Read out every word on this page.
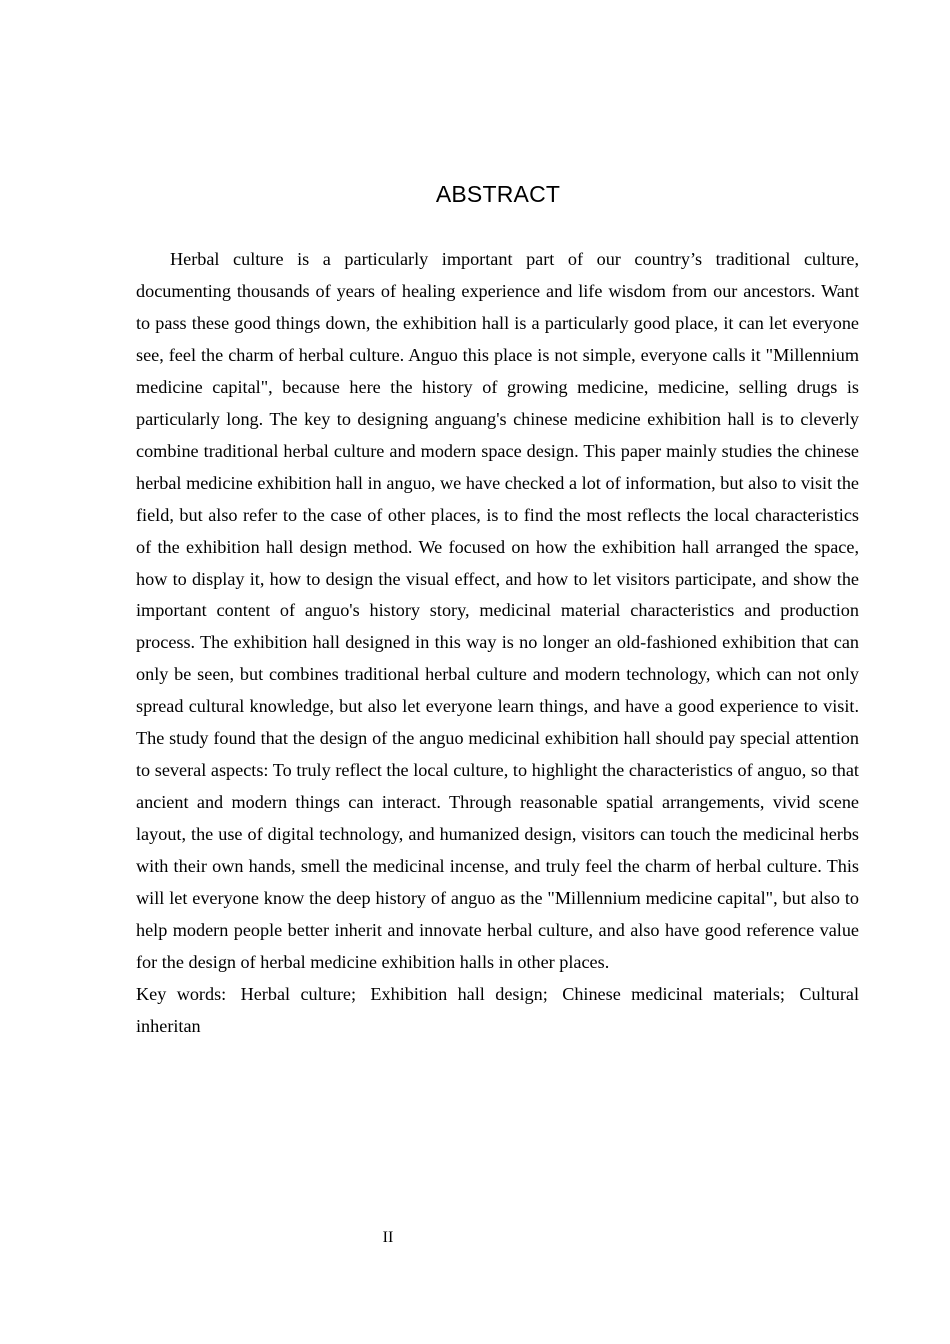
ABSTRACT

Herbal culture is a particularly important part of our country’s traditional culture, documenting thousands of years of healing experience and life wisdom from our ancestors. Want to pass these good things down, the exhibition hall is a particularly good place, it can let everyone see, feel the charm of herbal culture. Anguo this place is not simple, everyone calls it "Millennium medicine capital", because here the history of growing medicine, medicine, selling drugs is particularly long. The key to designing anguang's chinese medicine exhibition hall is to cleverly combine traditional herbal culture and modern space design. This paper mainly studies the chinese herbal medicine exhibition hall in anguo, we have checked a lot of information, but also to visit the field, but also refer to the case of other places, is to find the most reflects the local characteristics of the exhibition hall design method. We focused on how the exhibition hall arranged the space, how to display it, how to design the visual effect, and how to let visitors participate, and show the important content of anguo's history story, medicinal material characteristics and production process. The exhibition hall designed in this way is no longer an old-fashioned exhibition that can only be seen, but combines traditional herbal culture and modern technology, which can not only spread cultural knowledge, but also let everyone learn things, and have a good experience to visit. The study found that the design of the anguo medicinal exhibition hall should pay special attention to several aspects: To truly reflect the local culture, to highlight the characteristics of anguo, so that ancient and modern things can interact. Through reasonable spatial arrangements, vivid scene layout, the use of digital technology, and humanized design, visitors can touch the medicinal herbs with their own hands, smell the medicinal incense, and truly feel the charm of herbal culture. This will let everyone know the deep history of anguo as the "Millennium medicine capital", but also to help modern people better inherit and innovate herbal culture, and also have good reference value for the design of herbal medicine exhibition halls in other places.

Key words: Herbal culture; Exhibition hall design; Chinese medicinal materials; Cultural inheritan

II
